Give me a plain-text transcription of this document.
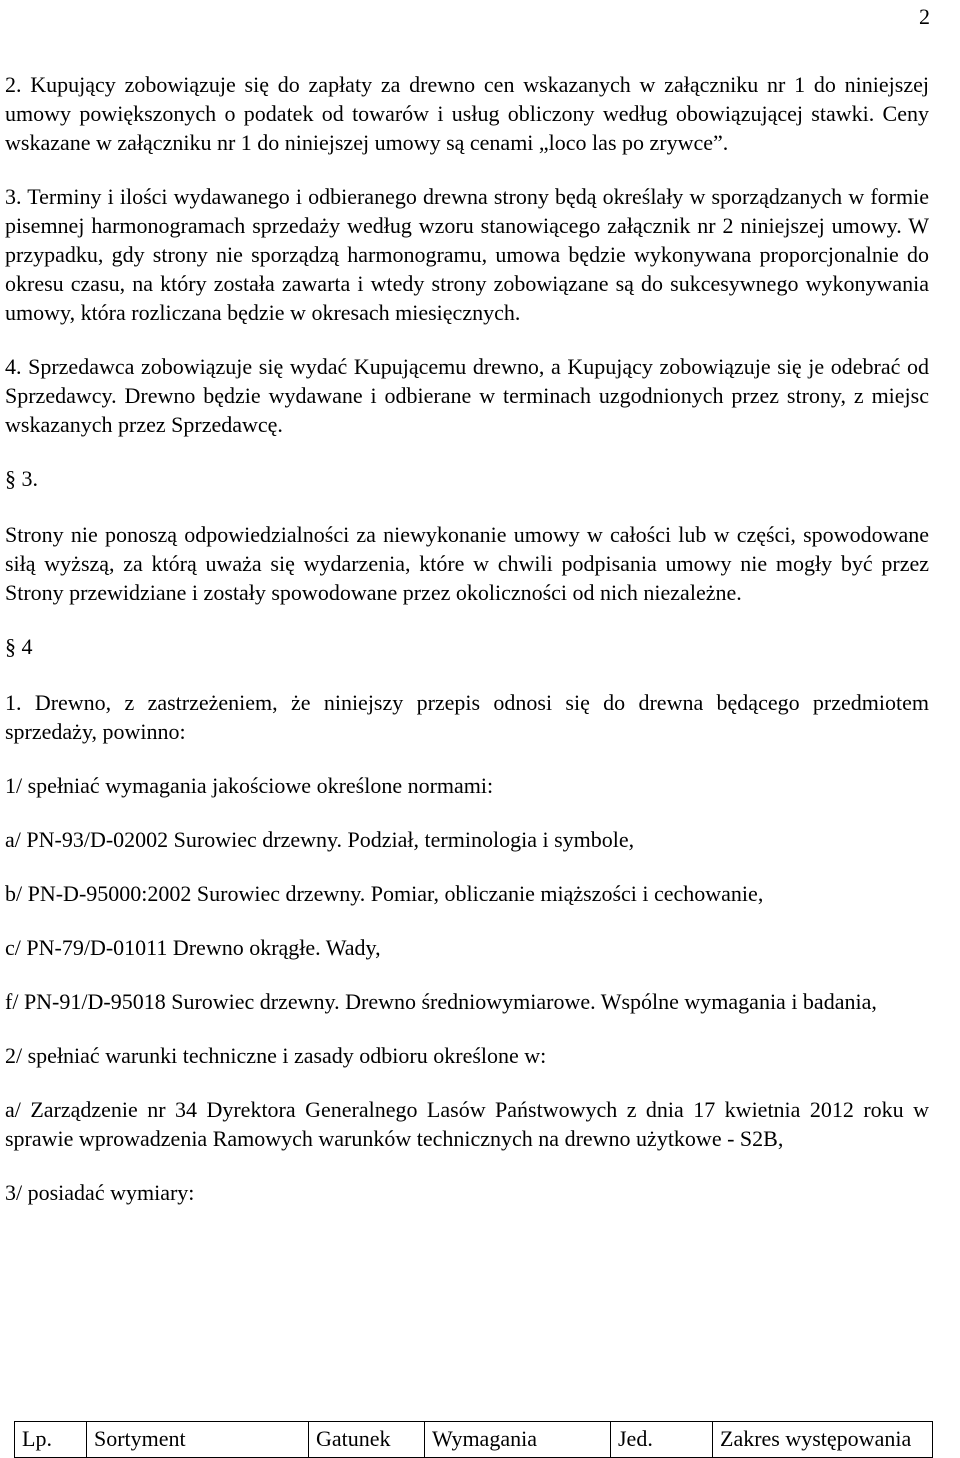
2

2. Kupujący zobowiązuje się do zapłaty za drewno cen wskazanych w załączniku nr 1 do niniejszej umowy powiększonych o podatek od towarów i usług obliczony według obowiązującej stawki. Ceny wskazane w załączniku nr 1 do niniejszej umowy są cenami „loco las po zrywce”.

3. Terminy i ilości wydawanego i odbieranego drewna strony będą określały w sporządzanych w formie pisemnej harmonogramach sprzedaży według wzoru stanowiącego załącznik nr 2 niniejszej umowy. W przypadku, gdy strony nie sporządzą harmonogramu, umowa będzie wykonywana proporcjonalnie do okresu czasu, na który została zawarta i wtedy strony zobowiązane są do sukcesywnego wykonywania umowy, która rozliczana będzie w okresach miesięcznych.

4. Sprzedawca zobowiązuje się wydać Kupującemu drewno, a Kupujący zobowiązuje się je odebrać od Sprzedawcy. Drewno będzie wydawane i odbierane w terminach uzgodnionych przez strony, z miejsc wskazanych przez Sprzedawcę.

§ 3.

Strony nie ponoszą odpowiedzialności za niewykonanie umowy w całości lub w części, spowodowane siłą wyższą, za którą uważa się wydarzenia, które w chwili podpisania umowy nie mogły być przez Strony przewidziane i zostały spowodowane przez okoliczności od nich niezależne.

§ 4

1. Drewno, z zastrzeżeniem, że niniejszy przepis odnosi się do drewna będącego przedmiotem sprzedaży, powinno:

1/ spełniać wymagania jakościowe określone normami:

a/ PN-93/D-02002 Surowiec drzewny. Podział, terminologia i symbole,

b/ PN-D-95000:2002 Surowiec drzewny. Pomiar, obliczanie miąższości i cechowanie,

c/ PN-79/D-01011 Drewno okrągłe. Wady,

f/ PN-91/D-95018 Surowiec drzewny. Drewno średniowymiarowe. Wspólne wymagania i badania,

2/ spełniać warunki techniczne i zasady odbioru określone w:

a/ Zarządzenie nr 34 Dyrektora Generalnego Lasów Państwowych z dnia 17 kwietnia 2012 roku w sprawie wprowadzenia Ramowych warunków technicznych na drewno użytkowe - S2B,

3/ posiadać wymiary:

Lp.	Sortyment	Gatunek	Wymagania	Jed.	Zakres występowania
